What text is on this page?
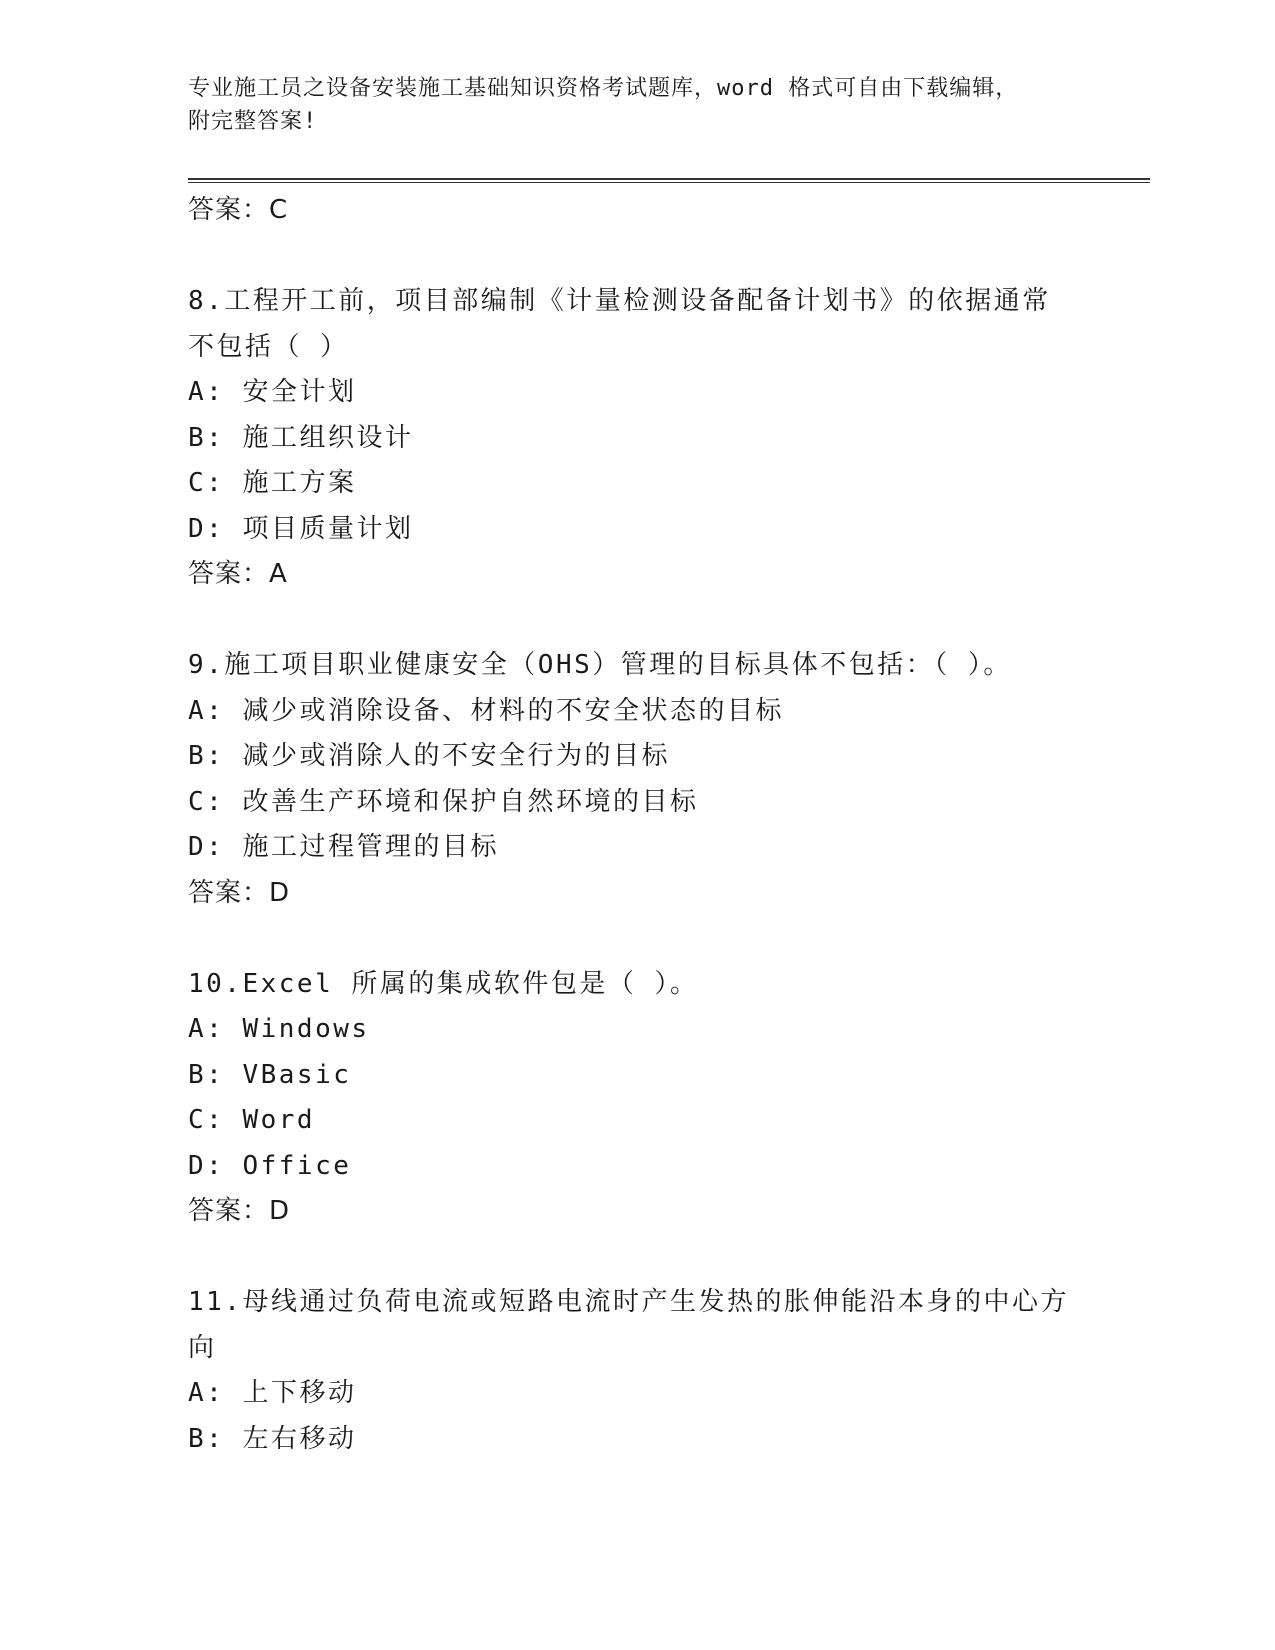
专业施工员之设备安装施工基础知识资格考试题库，word 格式可自由下载编辑，
附完整答案!
答案：C
8.工程开工前，项目部编制《计量检测设备配备计划书》的依据通常
不包括（ ）
A: 安全计划
B: 施工组织设计
C: 施工方案
D: 项目质量计划
答案：A
9.施工项目职业健康安全（OHS）管理的目标具体不包括：（ ）。
A: 减少或消除设备、材料的不安全状态的目标
B: 减少或消除人的不安全行为的目标
C: 改善生产环境和保护自然环境的目标
D: 施工过程管理的目标
答案：D
10.Excel 所属的集成软件包是（ ）。
A: Windows
B: VBasic
C: Word
D: Office
答案：D
11.母线通过负荷电流或短路电流时产生发热的胀伸能沿本身的中心方
向
A: 上下移动
B: 左右移动
